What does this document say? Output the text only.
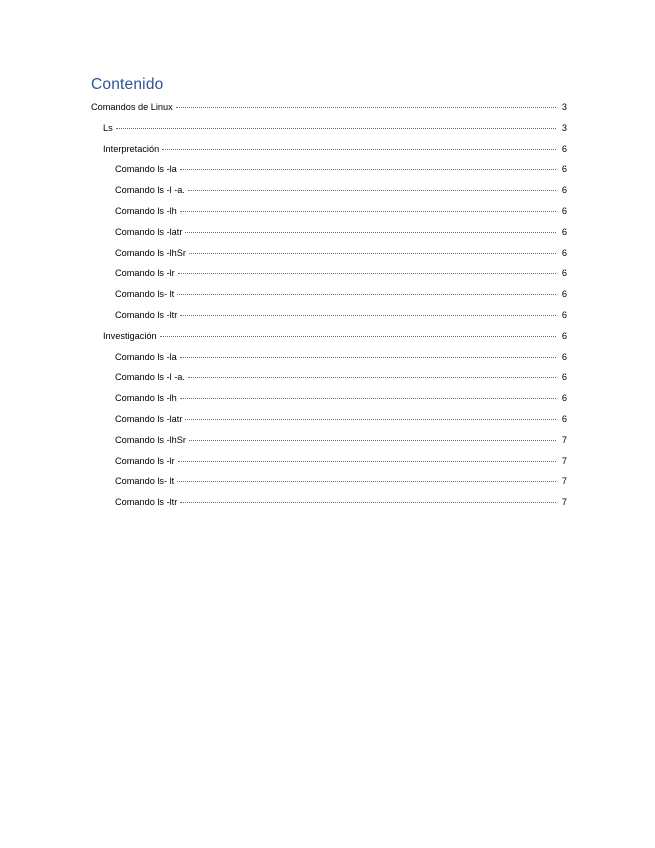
Contenido
Comandos de Linux	3
Ls	3
Interpretación	6
Comando ls -la	6
Comando ls -l -a.	6
Comando ls -lh	6
Comando ls -latr	6
Comando ls -lhSr	6
Comando ls -lr	6
Comando ls- lt	6
Comando ls -ltr	6
Investigación	6
Comando ls -la	6
Comando ls -l -a.	6
Comando ls -lh	6
Comando ls -latr	6
Comando ls -lhSr	7
Comando ls -lr	7
Comando ls- lt	7
Comando ls -ltr	7
